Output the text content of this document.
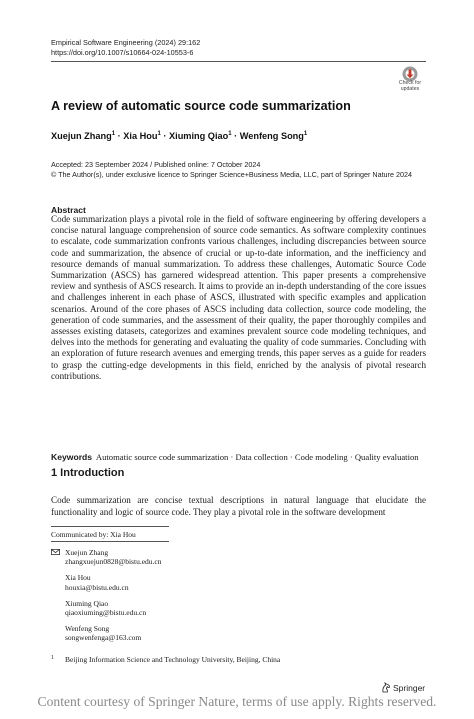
Empirical Software Engineering (2024) 29:162
https://doi.org/10.1007/s10664-024-10553-6
Check for
updates
A review of automatic source code summarization
Xuejun Zhang$^1$ · Xia Hou$^1$ · Xiuming Qiao$^1$ · Wenfeng Song$^1$
Accepted: 23 September 2024 / Published online: 7 October 2024
© The Author(s), under exclusive licence to Springer Science+Business Media, LLC, part of Springer Nature 2024
Abstract
Code summarization plays a pivotal role in the field of software engineering by offering developers a concise natural language comprehension of source code semantics. As software complexity continues to escalate, code summarization confronts various challenges, including discrepancies between source code and summarization, the absence of crucial or up-to-date information, and the inefficiency and resource demands of manual summarization. To address these challenges, Automatic Source Code Summarization (ASCS) has garnered widespread attention. This paper presents a comprehensive review and synthesis of ASCS research. It aims to provide an in-depth understanding of the core issues and challenges inherent in each phase of ASCS, illustrated with specific examples and application scenarios. Around of the core phases of ASCS including data collection, source code modeling, the generation of code summaries, and the assessment of their quality, the paper thoroughly compiles and assesses existing datasets, categorizes and examines prevalent source code modeling techniques, and delves into the methods for generating and evaluating the quality of code summaries. Concluding with an exploration of future research avenues and emerging trends, this paper serves as a guide for readers to grasp the cutting-edge developments in this field, enriched by the analysis of pivotal research contributions.
Keywords Automatic source code summarization · Data collection · Code modeling · Quality evaluation
1 Introduction
Code summarization are concise textual descriptions in natural language that elucidate the functionality and logic of source code. They play a pivotal role in the software development
Communicated by: Xia Hou
Xuejun Zhang
zhangxuejun0828@bistu.edu.cn
Xia Hou
houxia@bistu.edu.cn
Xiuming Qiao
qiaoxiuming@bistu.edu.cn
Wenfeng Song
songwenfenga@163.com
1 Beijing Information Science and Technology University, Beijing, China
Springer
Content courtesy of Springer Nature, terms of use apply. Rights reserved.
